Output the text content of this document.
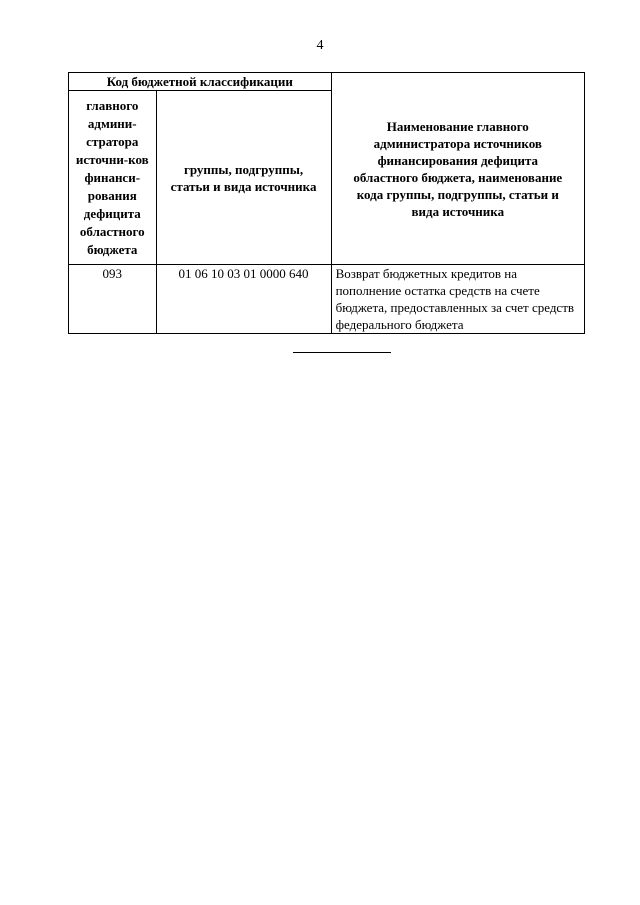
4
Код бюджетной классификации		Наименование главного администратора источников финансирования дефицита областного бюджета, наименование кода группы, подгруппы, статьи и вида источника

главного админи-стратора источни-ков финанси-рования дефицита областного бюджета	группы, подгруппы, статьи и вида источника	
093	01 06 10 03 01 0000 640	Возврат бюджетных кредитов на пополнение остатка средств на счете бюджета, предоставленных за счет средств федерального бюджета
